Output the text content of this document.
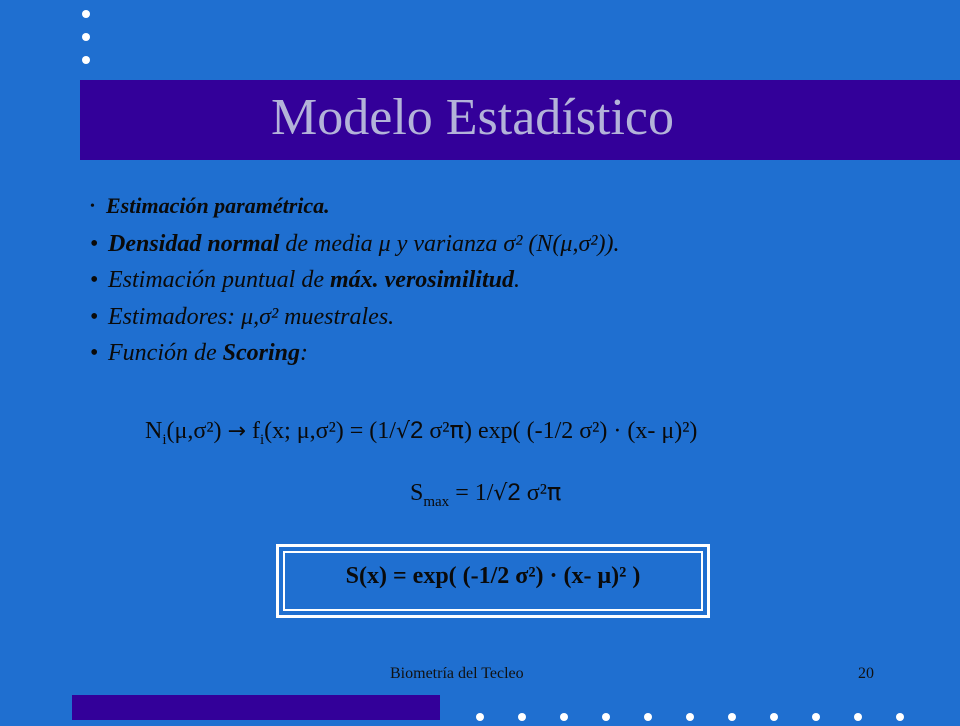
Modelo Estadístico
• Estimación paramétrica.
• Densidad normal de media μ y varianza σ² (N(μ,σ²)).
• Estimación puntual de máx. verosimilitud.
• Estimadores: μ,σ² muestrales.
• Función de Scoring:
$N_i(\mu,\sigma^2) \to f_i(x$; μ,σ²) = (1/√2 σ²π) exp( (-1/2 σ²) · (x- μ)²)
$S_{max} = 1/√2$ σ²π
S(x) = exp( (-1/2 σ²) · (x- μ)² )
Biometría del Tecleo	20
